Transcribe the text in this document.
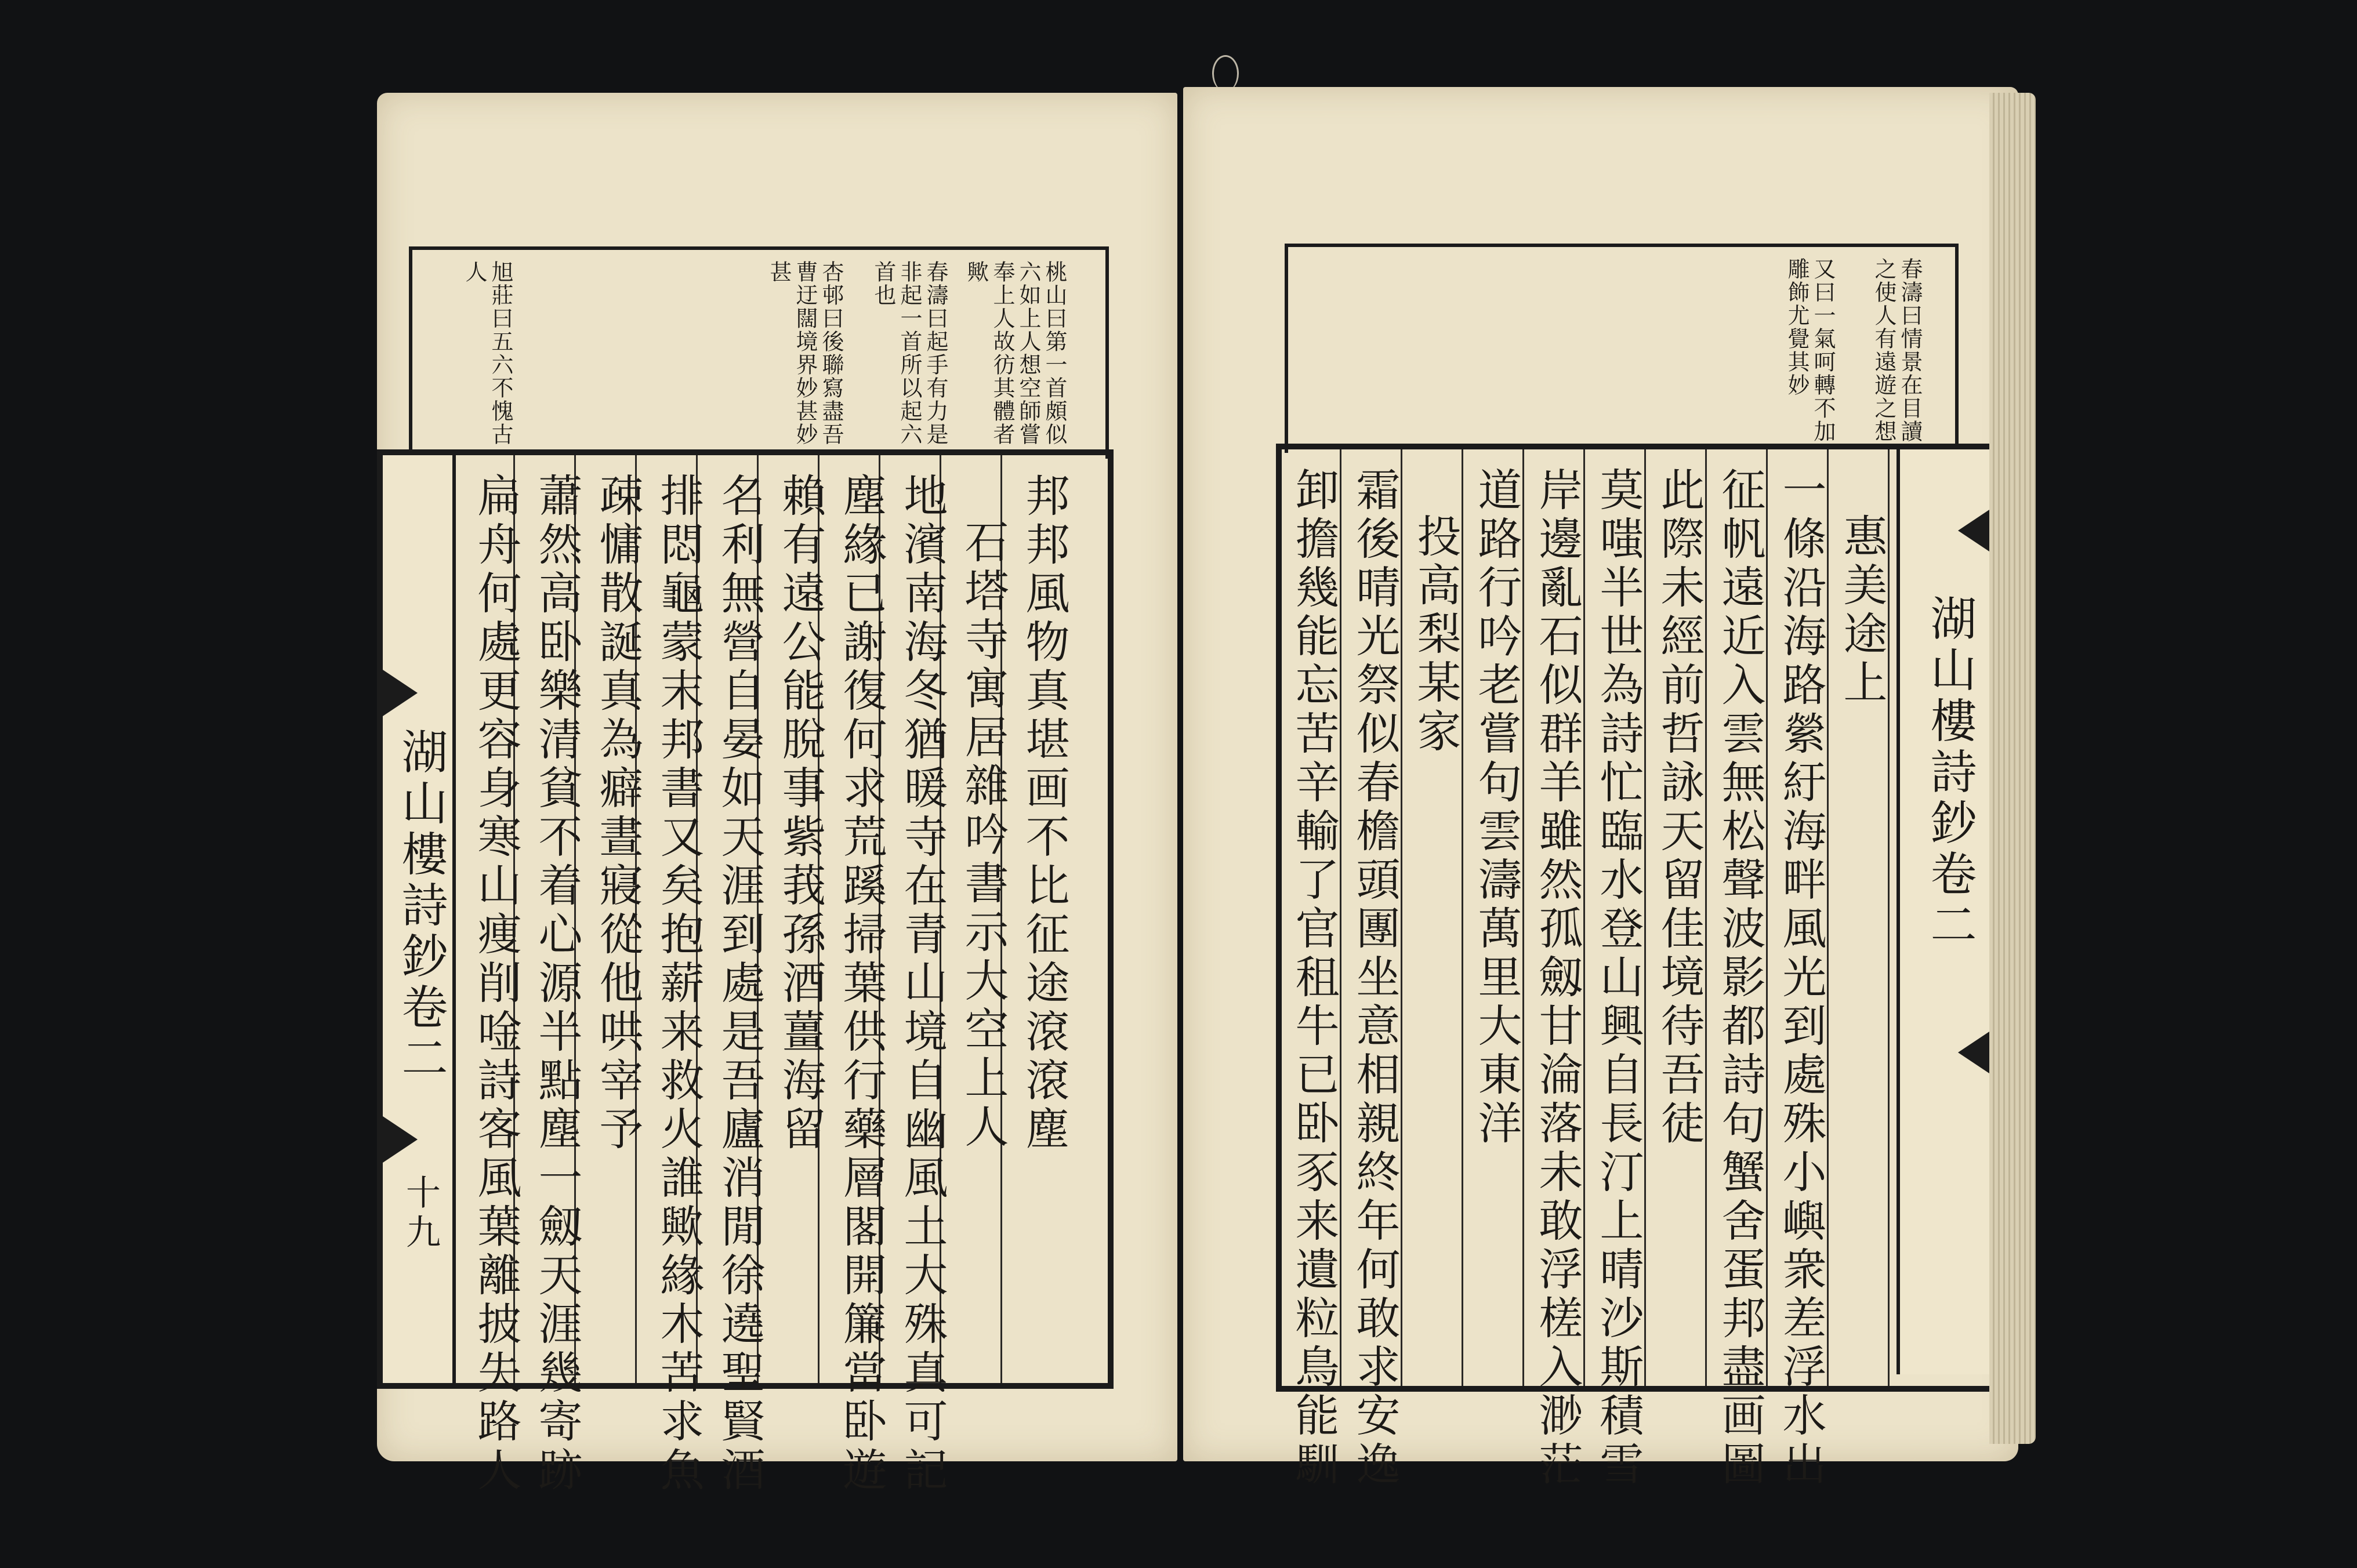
桃山曰第一首頗似
六如上人想空師嘗
奉上人故彷其體者
歟
春濤曰起手有力是
非起一首所以起六
首也
杏邨曰後聯寫盡吾
曹迂闊境界妙甚妙
甚
旭莊曰五六不愧古
人
湖山樓詩鈔卷二
十九
邦邦風物真堪画不比征途滾滾塵
石塔寺寓居雜吟書示大空上人
地濱南海冬猶暖寺在青山境自幽風土大殊真可記
塵緣已謝復何求荒蹊掃葉供行藥層閣開簾當卧遊
賴有遠公能脫事紫莪孫酒薑海留
名利無營自晏如天涯到處是吾廬消閒徐遶聖賢酒
排悶龜蒙末邦書又矣抱薪来救火誰歟緣木苦求魚
疎慵散誕真為癖晝寢從他哄宰予
蕭然高卧樂清貧不着心源半點塵一劔天涯幾寄跡
扁舟何處更容身寒山痩削唫詩客風葉離披失路人
春濤曰情景在目讀
之使人有遠遊之想
又曰一氣呵轉不加
雕飾尤覺其妙
惠美途上
一條沿海路縈紆海畔風光到處殊小嶼衆差浮水出
征帆遠近入雲無松聲波影都詩句蟹舍蛋邦盡画圖
此際未經前哲詠天留佳境待吾徒
莫嗤半世為詩忙臨水登山興自長汀上晴沙斯積雪
岸邊亂石似群羊雖然孤劔甘淪落未敢浮槎入渺茫
道路行吟老嘗句雲濤萬里大東洋
投高梨某家
霜後晴光祭似春檐頭團坐意相親終年何敢求安逸
卸擔幾能忘苦辛輸了官租牛已卧豕来遺粒鳥能馴	湖山樓詩鈔卷二
